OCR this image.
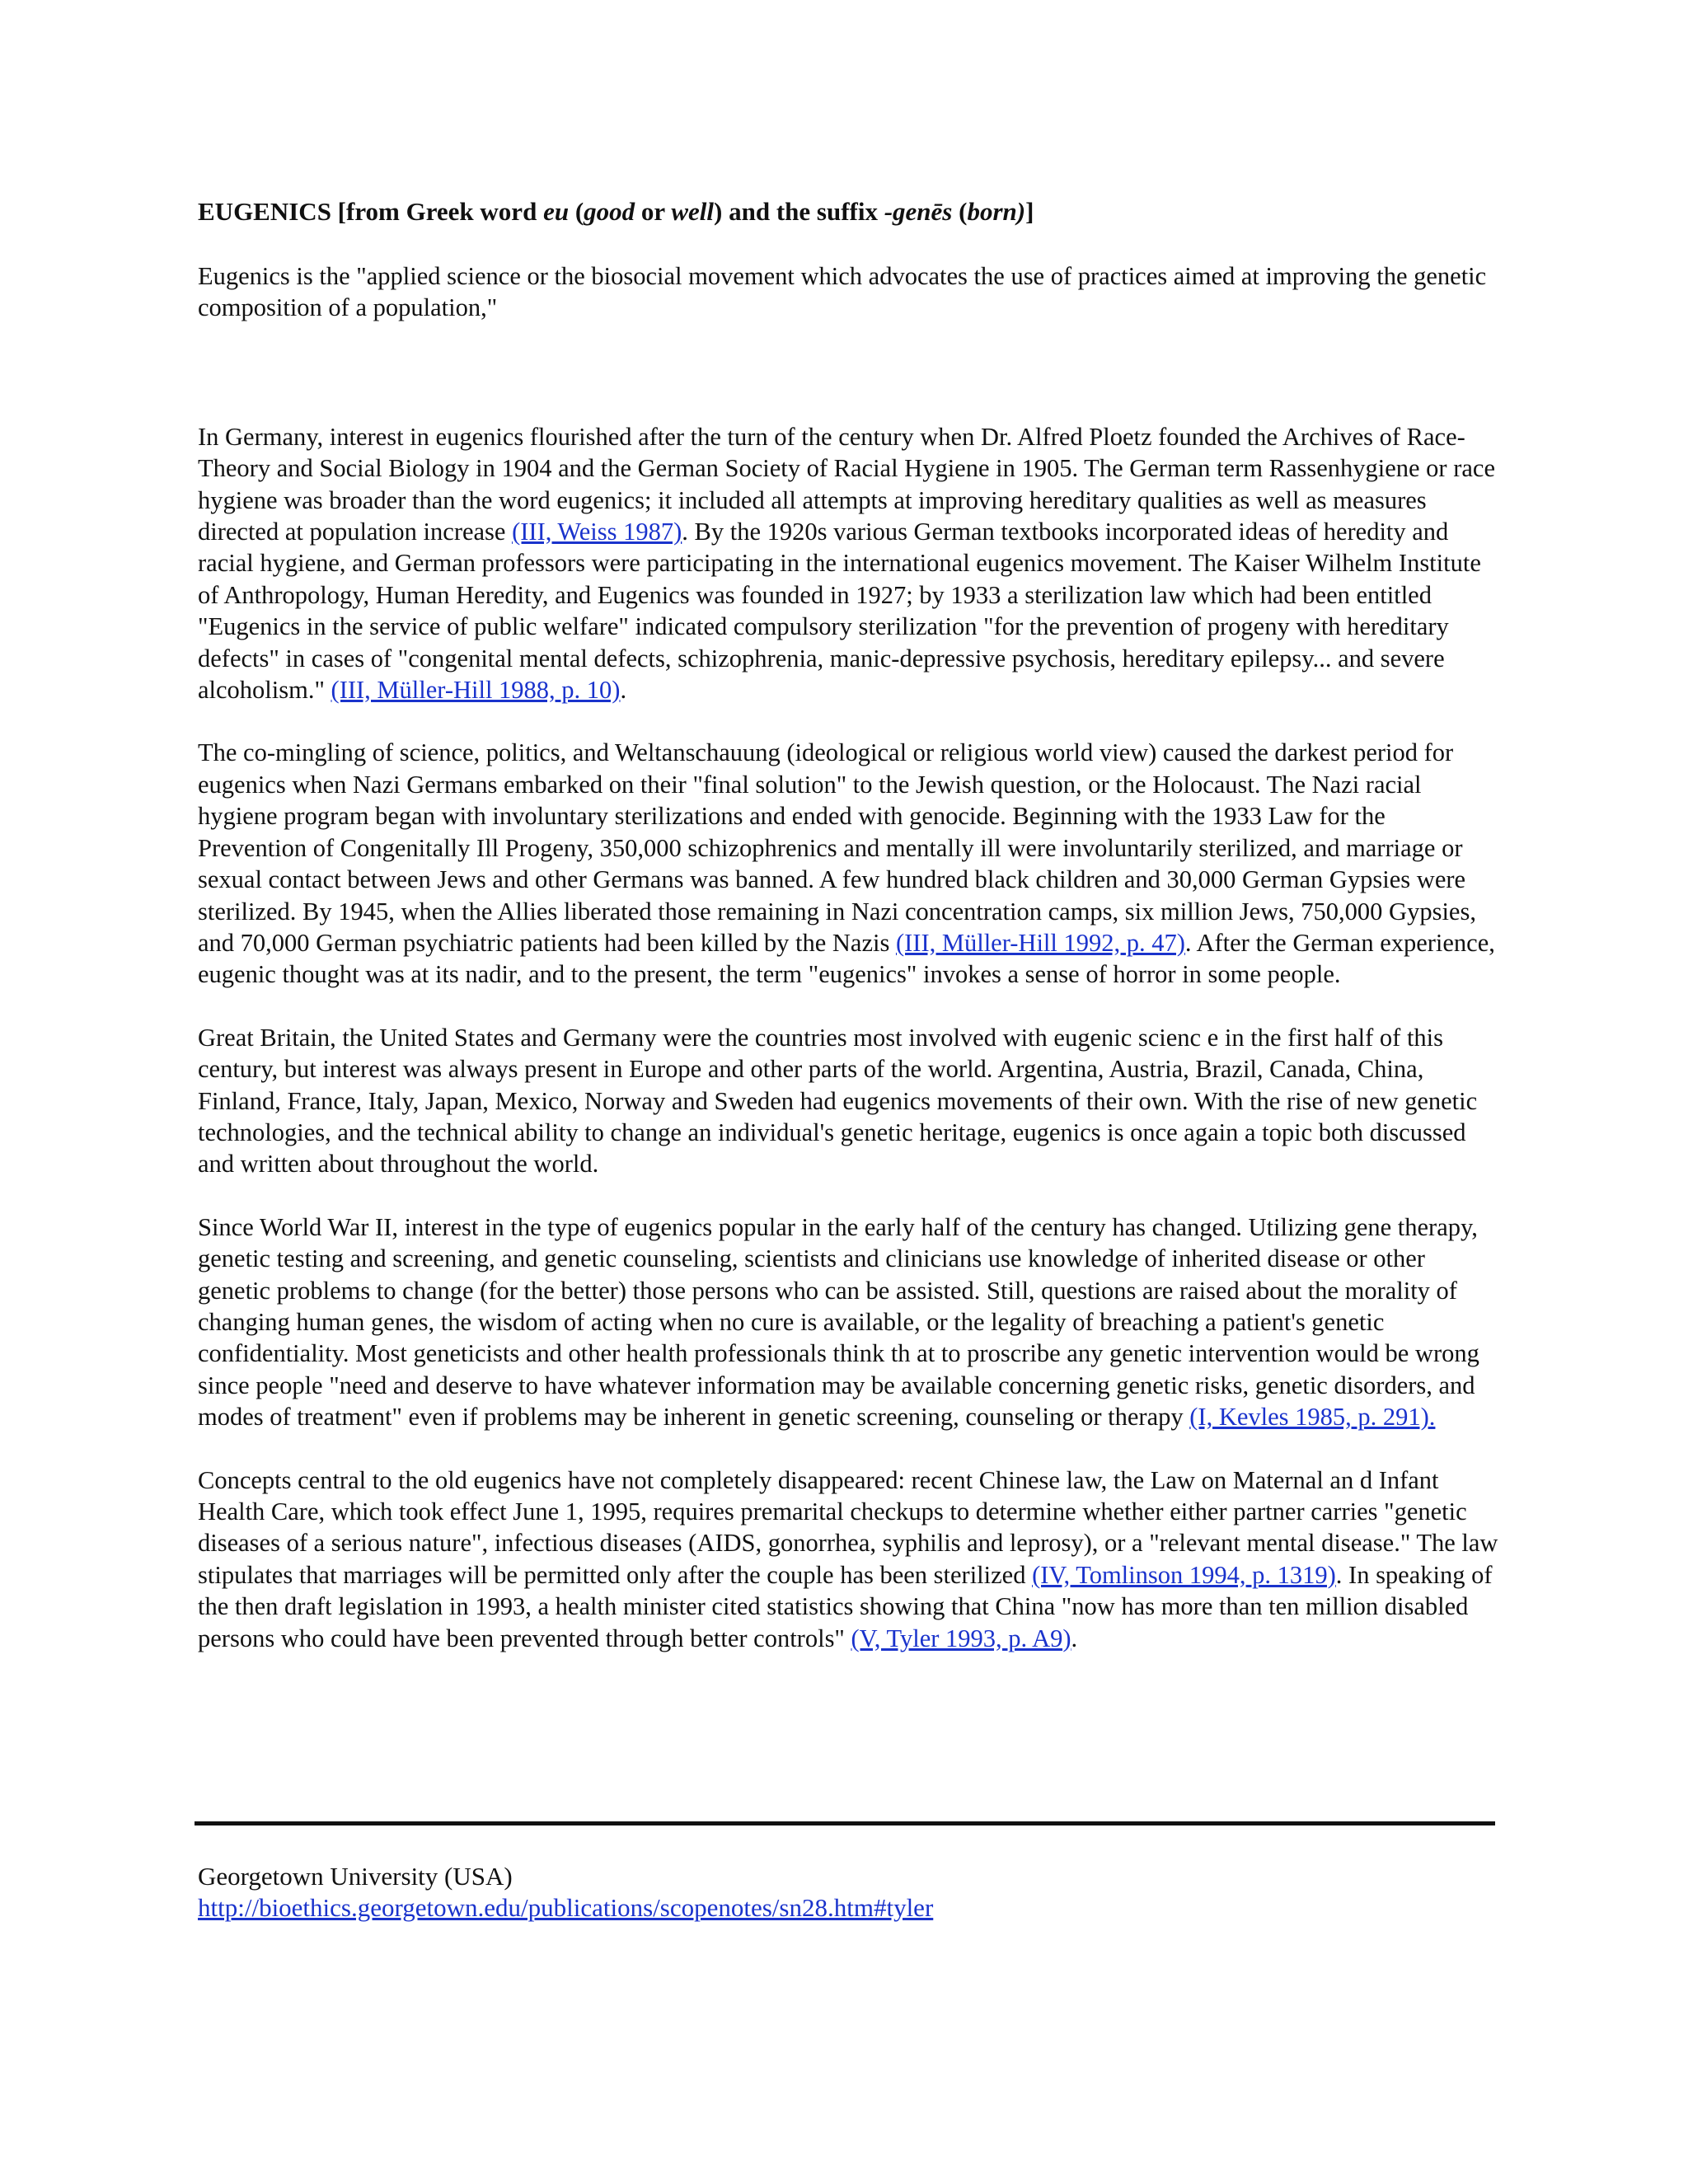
EUGENICS [from Greek word eu (good or well) and the suffix -genēs (born)]

Eugenics is the "applied science or the biosocial movement which advocates the use of practices aimed at improving the genetic composition of a population,"

In Germany, interest in eugenics flourished after the turn of the century when Dr. Alfred Ploetz founded the Archives of Race-Theory and Social Biology in 1904 and the German Society of Racial Hygiene in 1905. The German term Rassenhygiene or race hygiene was broader than the word eugenics; it included all attempts at improving hereditary qualities as well as measures directed at population increase (III, Weiss 1987). By the 1920s various German textbooks incorporated ideas of heredity and racial hygiene, and German professors were participating in the international eugenics movement. The Kaiser Wilhelm Institute of Anthropology, Human Heredity, and Eugenics was founded in 1927; by 1933 a sterilization law which had been entitled "Eugenics in the service of public welfare" indicated compulsory sterilization "for the prevention of progeny with hereditary defects" in cases of "congenital mental defects, schizophrenia, manic-depressive psychosis, hereditary epilepsy... and severe alcoholism." (III, Müller-Hill 1988, p. 10).

The co-mingling of science, politics, and Weltanschauung (ideological or religious world view) caused the darkest period for eugenics when Nazi Germans embarked on their "final solution" to the Jewish question, or the Holocaust. The Nazi racial hygiene program began with involuntary sterilizations and ended with genocide. Beginning with the 1933 Law for the Prevention of Congenitally Ill Progeny, 350,000 schizophrenics and mentally ill were involuntarily sterilized, and marriage or sexual contact between Jews and other Germans was banned. A few hundred black children and 30,000 German Gypsies were sterilized. By 1945, when the Allies liberated those remaining in Nazi concentration camps, six million Jews, 750,000 Gypsies, and 70,000 German psychiatric patients had been killed by the Nazis (III, Müller-Hill 1992, p. 47). After the German experience, eugenic thought was at its nadir, and to the present, the term "eugenics" invokes a sense of horror in some people.

Great Britain, the United States and Germany were the countries most involved with eugenic scienc e in the first half of this century, but interest was always present in Europe and other parts of the world. Argentina, Austria, Brazil, Canada, China, Finland, France, Italy, Japan, Mexico, Norway and Sweden had eugenics movements of their own. With the rise of new genetic technologies, and the technical ability to change an individual's genetic heritage, eugenics is once again a topic both discussed and written about throughout the world.

Since World War II, interest in the type of eugenics popular in the early half of the century has changed. Utilizing gene therapy, genetic testing and screening, and genetic counseling, scientists and clinicians use knowledge of inherited disease or other genetic problems to change (for the better) those persons who can be assisted. Still, questions are raised about the morality of changing human genes, the wisdom of acting when no cure is available, or the legality of breaching a patient's genetic confidentiality. Most geneticists and other health professionals think th at to proscribe any genetic intervention would be wrong since people "need and deserve to have whatever information may be available concerning genetic risks, genetic disorders, and modes of treatment" even if problems may be inherent in genetic screening, counseling or therapy (I, Kevles 1985, p. 291).

Concepts central to the old eugenics have not completely disappeared: recent Chinese law, the Law on Maternal an d Infant Health Care, which took effect June 1, 1995, requires premarital checkups to determine whether either partner carries "genetic diseases of a serious nature", infectious diseases (AIDS, gonorrhea, syphilis and leprosy), or a "relevant mental disease." The law stipulates that marriages will be permitted only after the couple has been sterilized (IV, Tomlinson 1994, p. 1319). In speaking of the then draft legislation in 1993, a health minister cited statistics showing that China "now has more than ten million disabled persons who could have been prevented through better controls" (V, Tyler 1993, p. A9).

Georgetown University (USA)
http://bioethics.georgetown.edu/publications/scopenotes/sn28.htm#tyler
